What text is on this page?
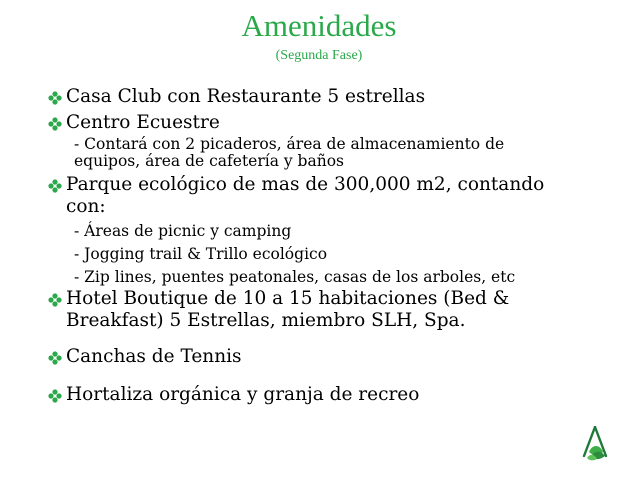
Amenidades
(Segunda Fase)
Casa Club con Restaurante 5 estrellas
Centro Ecuestre
- Contará con 2 picaderos, área de almacenamiento de
equipos, área de cafetería y baños
Parque ecológico de mas de 300,000 m2, contando
con:
- Áreas de picnic y camping
- Jogging trail & Trillo ecológico
- Zip lines, puentes peatonales, casas de los arboles, etc
Hotel Boutique de 10 a 15 habitaciones (Bed &
Breakfast) 5 Estrellas, miembro SLH, Spa.
Canchas de Tennis
Hortaliza orgánica y granja de recreo
